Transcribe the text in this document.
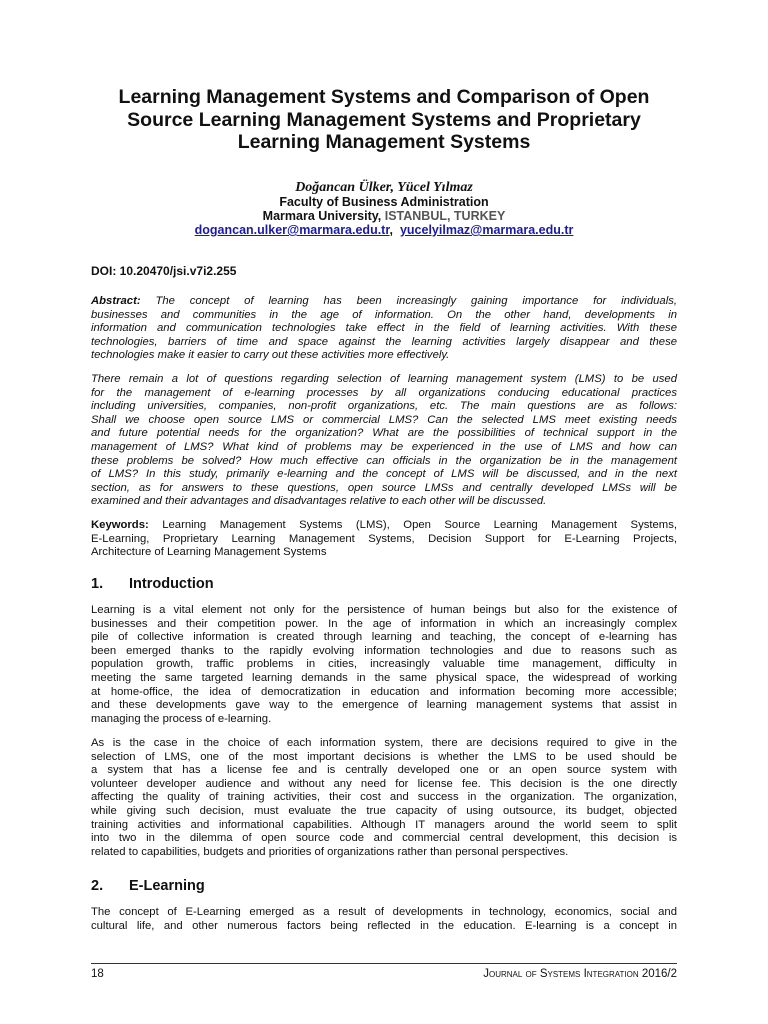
Learning Management Systems and Comparison of Open
Source Learning Management Systems and Proprietary
Learning Management Systems

Doğancan Ülker, Yücel Yılmaz

Faculty of Business Administration

Marmara University, ISTANBUL, TURKEY

dogancan.ulker@marmara.edu.tr, yucelyilmaz@marmara.edu.tr

DOI: 10.20470/jsi.v7i2.255

Abstract: The concept of learning has been increasingly gaining importance for individuals,
businesses and communities in the age of information. On the other hand, developments in
information and communication technologies take effect in the field of learning activities. With these
technologies, barriers of time and space against the learning activities largely disappear and these
technologies make it easier to carry out these activities more effectively.
There remain a lot of questions regarding selection of learning management system (LMS) to be used
for the management of e-learning processes by all organizations conducing educational practices
including universities, companies, non-profit organizations, etc. The main questions are as follows:
Shall we choose open source LMS or commercial LMS? Can the selected LMS meet existing needs
and future potential needs for the organization? What are the possibilities of technical support in the
management of LMS? What kind of problems may be experienced in the use of LMS and how can
these problems be solved? How much effective can officials in the organization be in the management
of LMS? In this study, primarily e-learning and the concept of LMS will be discussed, and in the next
section, as for answers to these questions, open source LMSs and centrally developed LMSs will be
examined and their advantages and disadvantages relative to each other will be discussed.
Keywords: Learning Management Systems (LMS), Open Source Learning Management Systems,
E-Learning, Proprietary Learning Management Systems, Decision Support for E-Learning Projects,
Architecture of Learning Management Systems
1. Introduction
Learning is a vital element not only for the persistence of human beings but also for the existence of
businesses and their competition power. In the age of information in which an increasingly complex
pile of collective information is created through learning and teaching, the concept of e-learning has
been emerged thanks to the rapidly evolving information technologies and due to reasons such as
population growth, traffic problems in cities, increasingly valuable time management, difficulty in
meeting the same targeted learning demands in the same physical space, the widespread of working
at home-office, the idea of democratization in education and information becoming more accessible;
and these developments gave way to the emergence of learning management systems that assist in
managing the process of e-learning.
As is the case in the choice of each information system, there are decisions required to give in the
selection of LMS, one of the most important decisions is whether the LMS to be used should be
a system that has a license fee and is centrally developed one or an open source system with
volunteer developer audience and without any need for license fee. This decision is the one directly
affecting the quality of training activities, their cost and success in the organization. The organization,
while giving such decision, must evaluate the true capacity of using outsource, its budget, objected
training activities and informational capabilities. Although IT managers around the world seem to split
into two in the dilemma of open source code and commercial central development, this decision is
related to capabilities, budgets and priorities of organizations rather than personal perspectives.
2. E-Learning
The concept of E-Learning emerged as a result of developments in technology, economics, social and
cultural life, and other numerous factors being reflected in the education. E-learning is a concept in
18	Journal of Systems Integration 2016/2
